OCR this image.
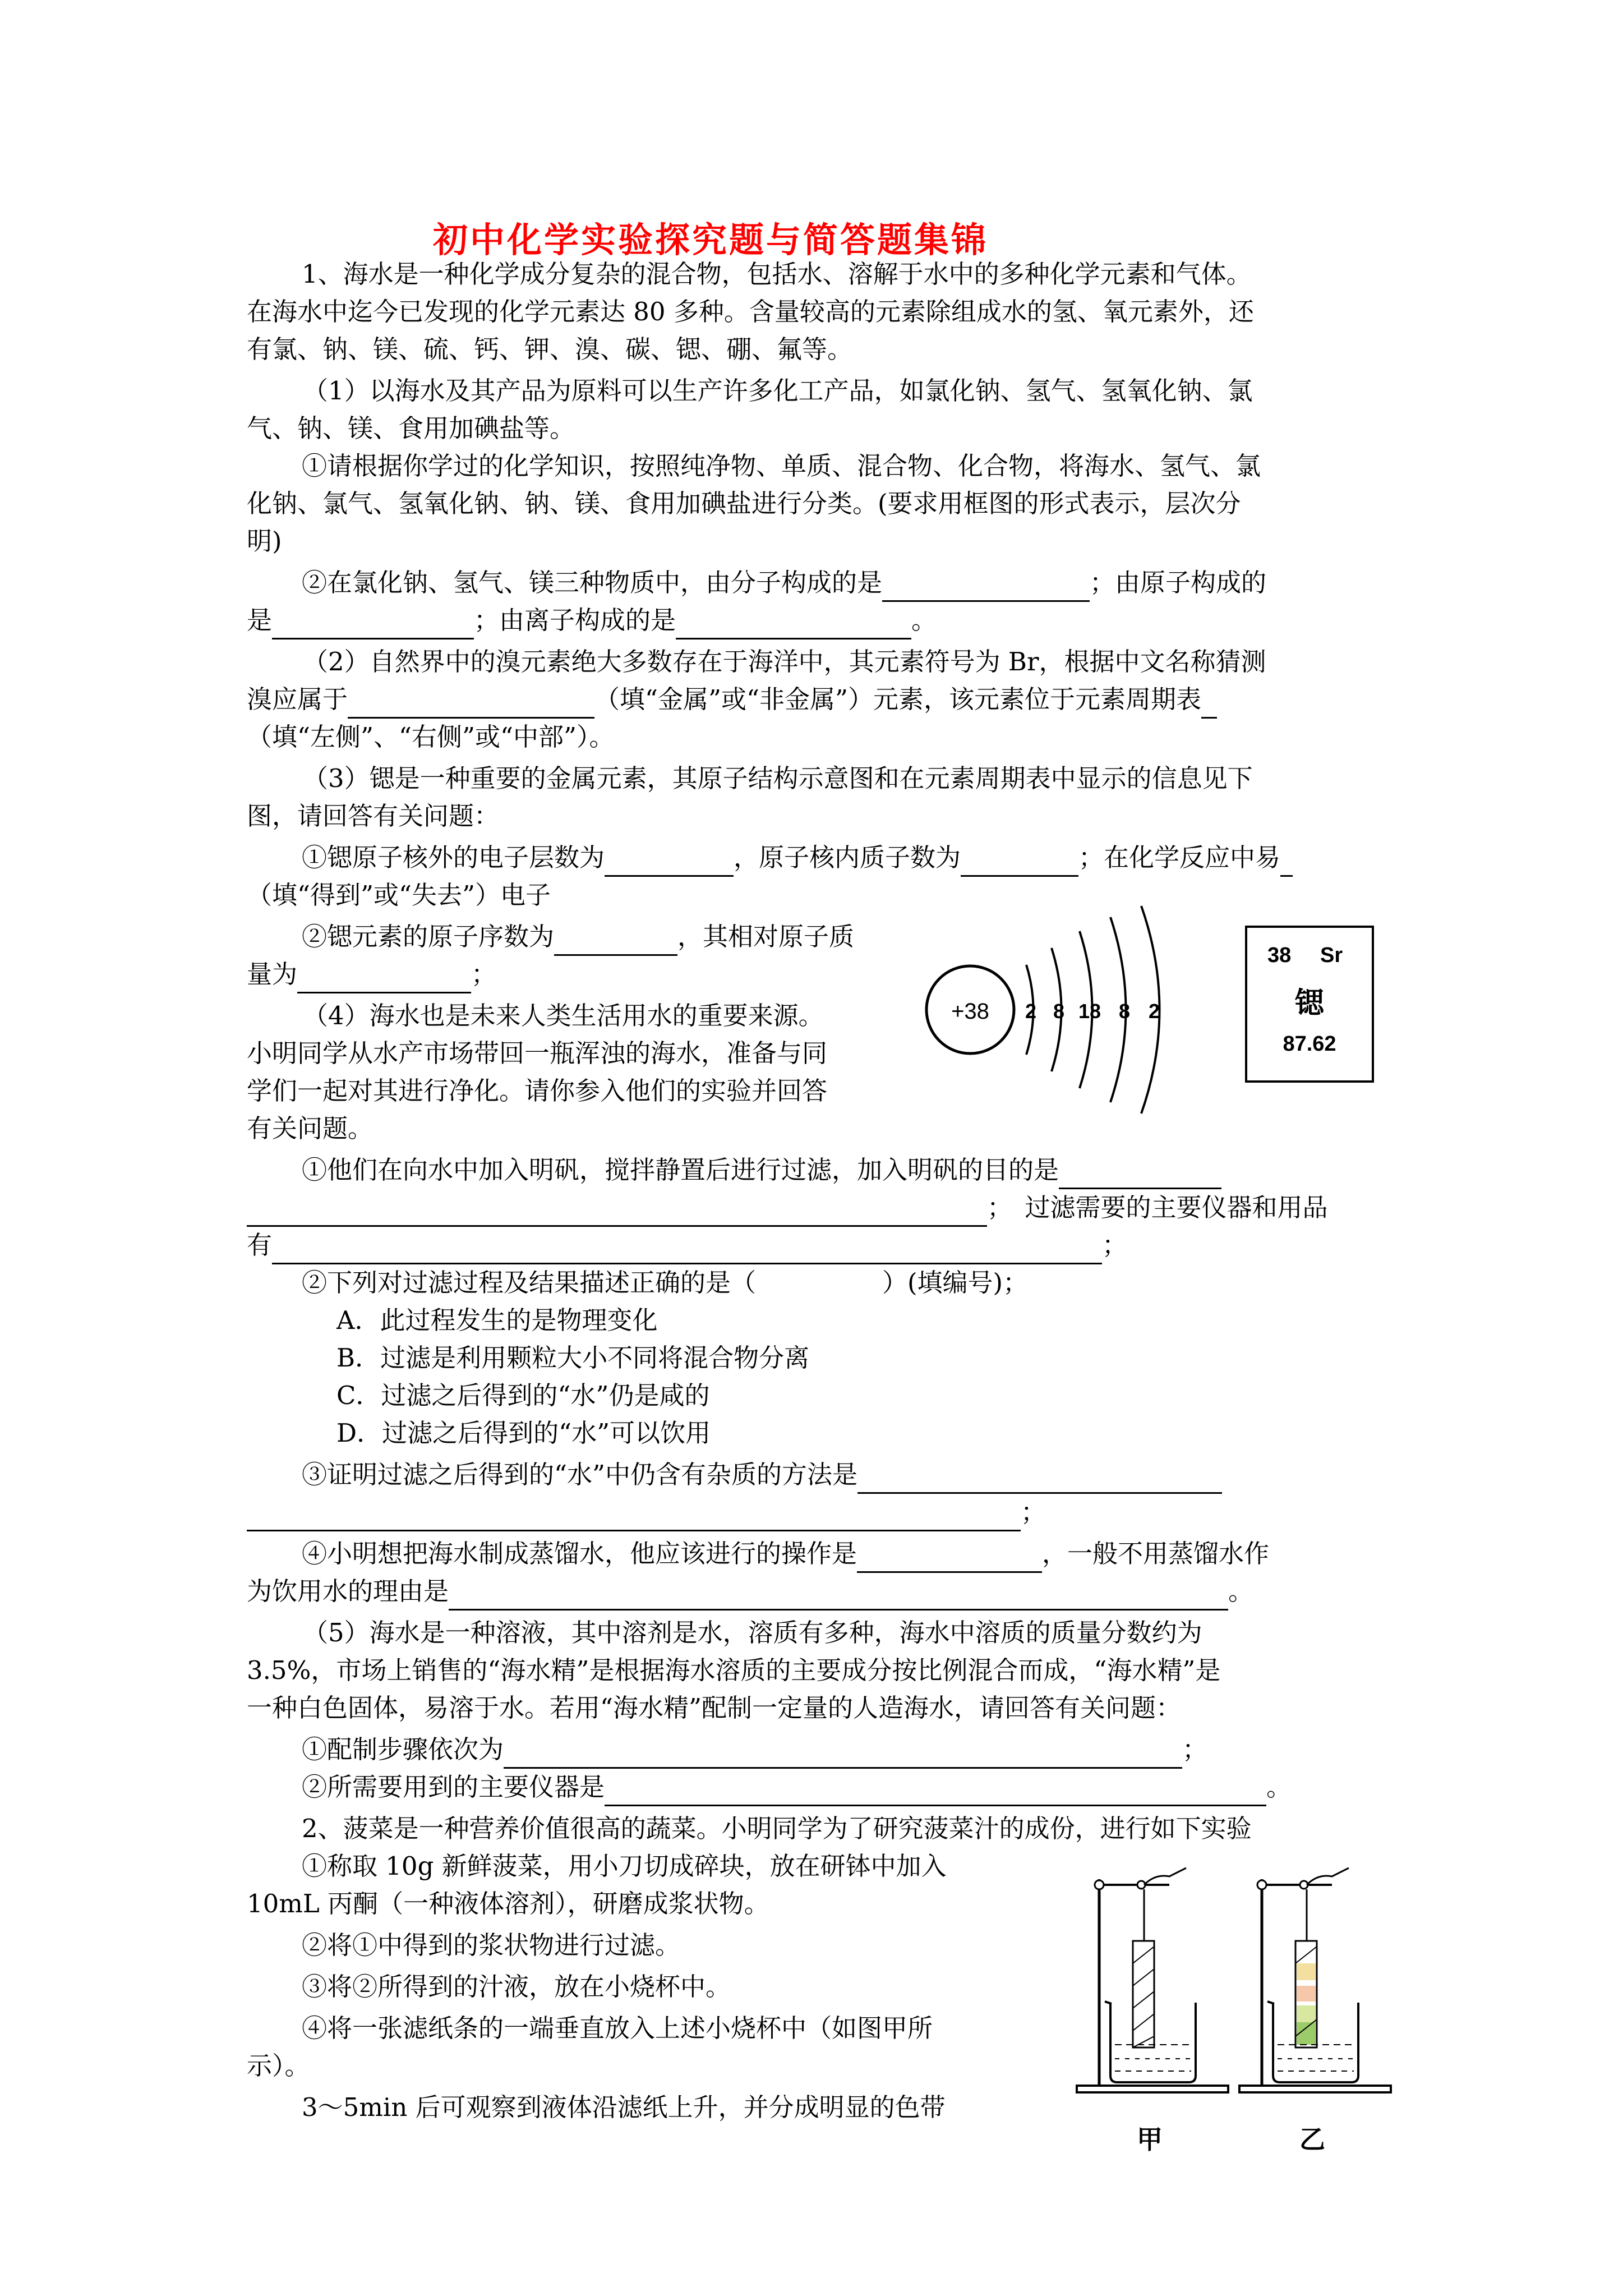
初中化学实验探究题与简答题集锦
1、海水是一种化学成分复杂的混合物，包括水、溶解于水中的多种化学元素和气体。
在海水中迄今已发现的化学元素达 80 多种。含量较高的元素除组成水的氢、氧元素外，还
有氯、钠、镁、硫、钙、钾、溴、碳、锶、硼、氟等。
（1）以海水及其产品为原料可以生产许多化工产品，如氯化钠、氢气、氢氧化钠、氯
气、钠、镁、食用加碘盐等。
①请根据你学过的化学知识，按照纯净物、单质、混合物、化合物，将海水、氢气、氯
化钠、氯气、氢氧化钠、钠、镁、食用加碘盐进行分类。(要求用框图的形式表示，层次分
明)
②在氯化钠、氢气、镁三种物质中，由分子构成的是	；由原子构成的
是	；由离子构成的是	。
（2）自然界中的溴元素绝大多数存在于海洋中，其元素符号为 Br，根据中文名称猜测
溴应属于	（填“金属”或“非金属”）元素，该元素位于元素周期表
（填“左侧”、“右侧”或“中部”）。
（3）锶是一种重要的金属元素，其原子结构示意图和在元素周期表中显示的信息见下
图，请回答有关问题：
①锶原子核外的电子层数为	，原子核内质子数为	；在化学反应中易
（填“得到”或“失去”）电子
②锶元素的原子序数为	，其相对原子质
量为	；
（4）海水也是未来人类生活用水的重要来源。
小明同学从水产市场带回一瓶浑浊的海水，准备与同
学们一起对其进行净化。请你参入他们的实验并回答
有关问题。
+38 2 8 18 8 2
38 Sr
锶
87.62
①他们在向水中加入明矾，搅拌静置后进行过滤，加入明矾的目的是
；　过滤需要的主要仪器和用品
有	；
②下列对过滤过程及结果描述正确的是（　　　　　）(填编号)；
A．此过程发生的是物理变化
B．过滤是利用颗粒大小不同将混合物分离
C．过滤之后得到的“水”仍是咸的
D．过滤之后得到的“水”可以饮用
③证明过滤之后得到的“水”中仍含有杂质的方法是
；
④小明想把海水制成蒸馏水，他应该进行的操作是	，一般不用蒸馏水作
为饮用水的理由是	。
（5）海水是一种溶液，其中溶剂是水，溶质有多种，海水中溶质的质量分数约为
3.5%，市场上销售的“海水精”是根据海水溶质的主要成分按比例混合而成，“海水精”是
一种白色固体，易溶于水。若用“海水精”配制一定量的人造海水，请回答有关问题：
①配制步骤依次为	；
②所需要用到的主要仪器是	。
2、菠菜是一种营养价值很高的蔬菜。小明同学为了研究菠菜汁的成份，进行如下实验
①称取 10g 新鲜菠菜，用小刀切成碎块，放在研钵中加入
10mL 丙酮（一种液体溶剂），研磨成浆状物。
②将①中得到的浆状物进行过滤。
③将②所得到的汁液，放在小烧杯中。
④将一张滤纸条的一端垂直放入上述小烧杯中（如图甲所
示）。
3～5min 后可观察到液体沿滤纸上升，并分成明显的色带
甲	乙
